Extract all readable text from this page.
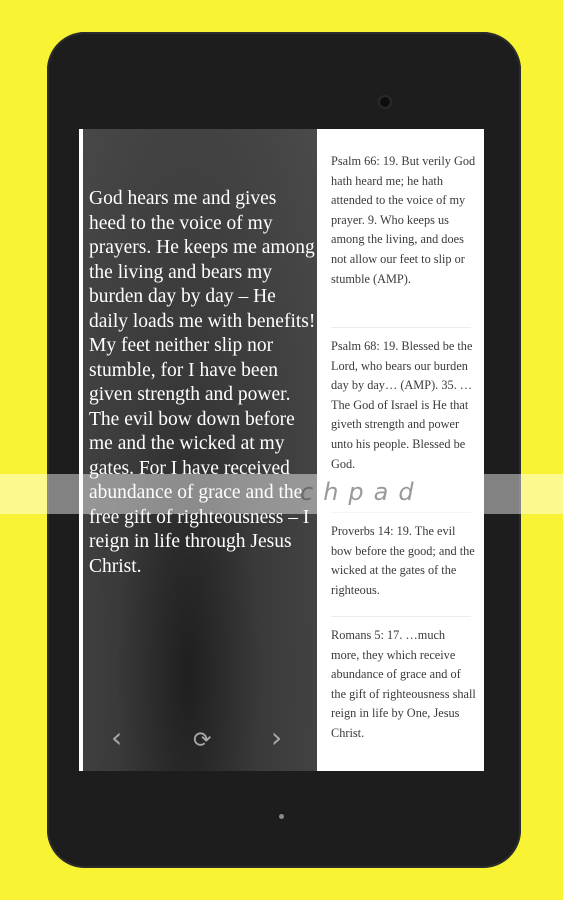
God hears me and gives heed to the voice of my prayers. He keeps me among the living and bears my burden day by day – He daily loads me with benefits! My feet neither slip nor stumble, for I have been given strength and power. The evil bow down before me and the wicked at my gates. For I have received abundance of grace and the free gift of righteousness – I reign in life through Jesus Christ.

‹	⟳ ›

Psalm 66: 19. But verily God hath heard me; he hath attended to the voice of my prayer. 9. Who keeps us among the living, and does not allow our feet to slip or stumble (AMP).

Psalm 68: 19. Blessed be the Lord, who bears our burden day by day… (AMP). 35. …The God of Israel is He that giveth strength and power unto his people. Blessed be God.

Proverbs 14: 19. The evil bow before the good; and the wicked at the gates of the righteous.

Romans 5: 17. …much more, they which receive abundance of grace and of the gift of righteousness shall reign in life by One, Jesus Christ.

chpad
